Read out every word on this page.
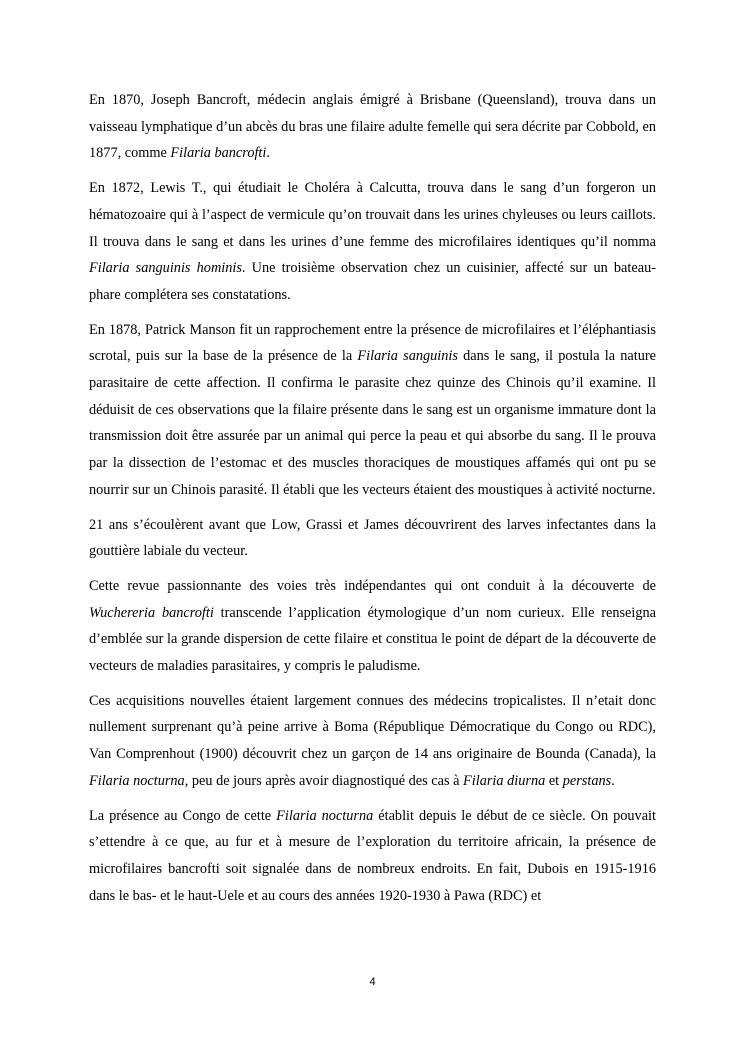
En 1870, Joseph Bancroft, médecin anglais émigré à Brisbane (Queensland), trouva dans un vaisseau lymphatique d’un abcès du bras une filaire adulte femelle qui sera décrite par Cobbold, en 1877, comme Filaria bancrofti.

En 1872, Lewis T., qui étudiait le Choléra à Calcutta, trouva dans le sang d’un forgeron un hématozoaire qui à l’aspect de vermicule qu’on trouvait dans les urines chyleuses ou leurs caillots. Il trouva dans le sang et dans les urines d’une femme des microfilaires identiques qu’il nomma Filaria sanguinis hominis. Une troisième observation chez un cuisinier, affecté sur un bateau-phare complétera ses constatations.

En 1878, Patrick Manson fit un rapprochement entre la présence de microfilaires et l’éléphantiasis scrotal, puis sur la base de la présence de la Filaria sanguinis dans le sang, il postula la nature parasitaire de cette affection. Il confirma le parasite chez quinze des Chinois qu’il examine. Il déduisit de ces observations que la filaire présente dans le sang est un organisme immature dont la transmission doit être assurée par un animal qui perce la peau et qui absorbe du sang. Il le prouva par la dissection de l’estomac et des muscles thoraciques de moustiques affamés qui ont pu se nourrir sur un Chinois parasité. Il établi que les vecteurs étaient des moustiques à activité nocturne.

21 ans s’écoulèrent avant que Low, Grassi et James découvrirent des larves infectantes dans la gouttière labiale du vecteur.

Cette revue passionnante des voies très indépendantes qui ont conduit à la découverte de Wuchereria bancrofti transcende l’application étymologique d’un nom curieux. Elle renseigna d’emblée sur la grande dispersion de cette filaire et constitua le point de départ de la découverte de vecteurs de maladies parasitaires, y compris le paludisme.

Ces acquisitions nouvelles étaient largement connues des médecins tropicalistes. Il n’etait donc nullement surprenant qu’à peine arrive à Boma (République Démocratique du Congo ou RDC), Van Comprenhout (1900) découvrit chez un garçon de 14 ans originaire de Bounda (Canada), la Filaria nocturna, peu de jours après avoir diagnostiqué des cas à Filaria diurna et perstans.

La présence au Congo de cette Filaria nocturna établit depuis le début de ce siècle. On pouvait s’ettendre à ce que, au fur et à mesure de l’exploration du territoire africain, la présence de microfilaires bancrofti soit signalée dans de nombreux endroits. En fait, Dubois en 1915-1916 dans le bas- et le haut-Uele et au cours des années 1920-1930 à Pawa (RDC) et

4
